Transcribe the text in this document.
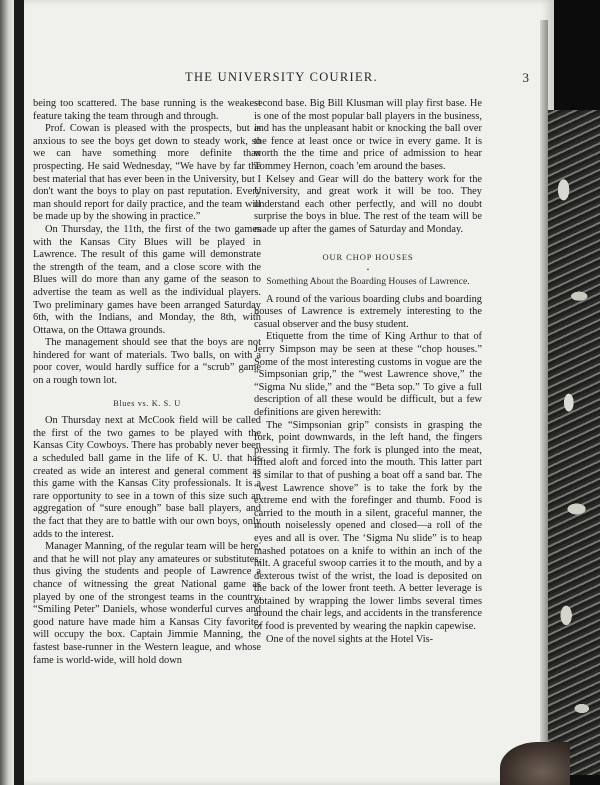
THE UNIVERSITY COURIER.	3

being too scattered. The base running is the weakest feature taking the team through and through.

Prof. Cowan is pleased with the prospects, but is anxious to see the boys get down to steady work, so we can have something more definite than prospecting. He said Wednesday, “We have by far the best material that has ever been in the University, but I don't want the boys to play on past reputation. Every man should report for daily practice, and the team will be made up by the showing in practice.”

On Thursday, the 11th, the first of the two games with the Kansas City Blues will be played in Lawrence. The result of this game will demonstrate the strength of the team, and a close score with the Blues will do more than any game of the season to advertise the team as well as the individual players. Two preliminary games have been arranged Saturday 6th, with the Indians, and Monday, the 8th, with Ottawa, on the Ottawa grounds.

The management should see that the boys are not hindered for want of materials. Two balls, on with a poor cover, would hardly suffice for a “scrub” game on a rough town lot.

Blues vs. K. S. U

On Thursday next at McCook field will be called the first of the two games to be played with the Kansas City Cowboys. There has probably never been a scheduled ball game in the life of K. U. that has created as wide an interest and general comment as this game with the Kansas City professionals. It is a rare opportunity to see in a town of this size such an aggregation of “sure enough” base ball players, and the fact that they are to battle with our own boys, only adds to the interest.

Manager Manning, of the regular team will be here, and that he will not play any amateures or substitutes, thus giving the students and people of Lawrence a chance of witnessing the great National game as played by one of the strongest teams in the country. “Smiling Peter” Daniels, whose wonderful curves and good nature have made him a Kansas City favorite, will occupy the box. Captain Jimmie Manning, the fastest base-runner in the Western league, and whose fame is world-wide, will hold down

second base. Big Bill Klusman will play first base. He is one of the most popular ball players in the business, and has the unpleasant habit or knocking the ball over the fence at least once or twice in every game. It is worth the the time and price of admission to hear Tommey Hernon, coach 'em around the bases.

Kelsey and Gear will do the battery work for the University, and great work it will be too. They understand each other perfectly, and will no doubt surprise the boys in blue. The rest of the team will be made up after the games of Saturday and Monday.

OUR CHOP HOUSES
•
Something About the Boarding Houses of Lawrence.

A round of the various boarding clubs and boarding houses of Lawrence is extremely interesting to the casual observer and the busy student.

Etiquette from the time of King Arthur to that of Jerry Simpson may be seen at these “chop houses.” Some of the most interesting customs in vogue are the “Simpsonian grip,” the “west Lawrence shove,” the “Sigma Nu slide,” and the “Beta sop.” To give a full description of all these would be difficult, but a few definitions are given herewith:

The “Simpsonian grip” consists in grasping the fork, point downwards, in the left hand, the fingers pressing it firmly. The fork is plunged into the meat, lifted aloft and forced into the mouth. This latter part is similar to that of pushing a boat off a sand bar. The “west Lawrence shove” is to take the fork by the extreme end with the forefinger and thumb. Food is carried to the mouth in a silent, graceful manner, the mouth noiselessly opened and closed—a roll of the eyes and all is over. The ‘Sigma Nu slide” is to heap mashed potatoes on a knife to within an inch of the hilt. A graceful swoop carries it to the mouth, and by a dexterous twist of the wrist, the load is deposited on the back of the lower front teeth. A better leverage is obtained by wrapping the lower limbs several times around the chair legs, and accidents in the transference of food is prevented by wearing the napkin capewise.

One of the novel sights at the Hotel Vis-
